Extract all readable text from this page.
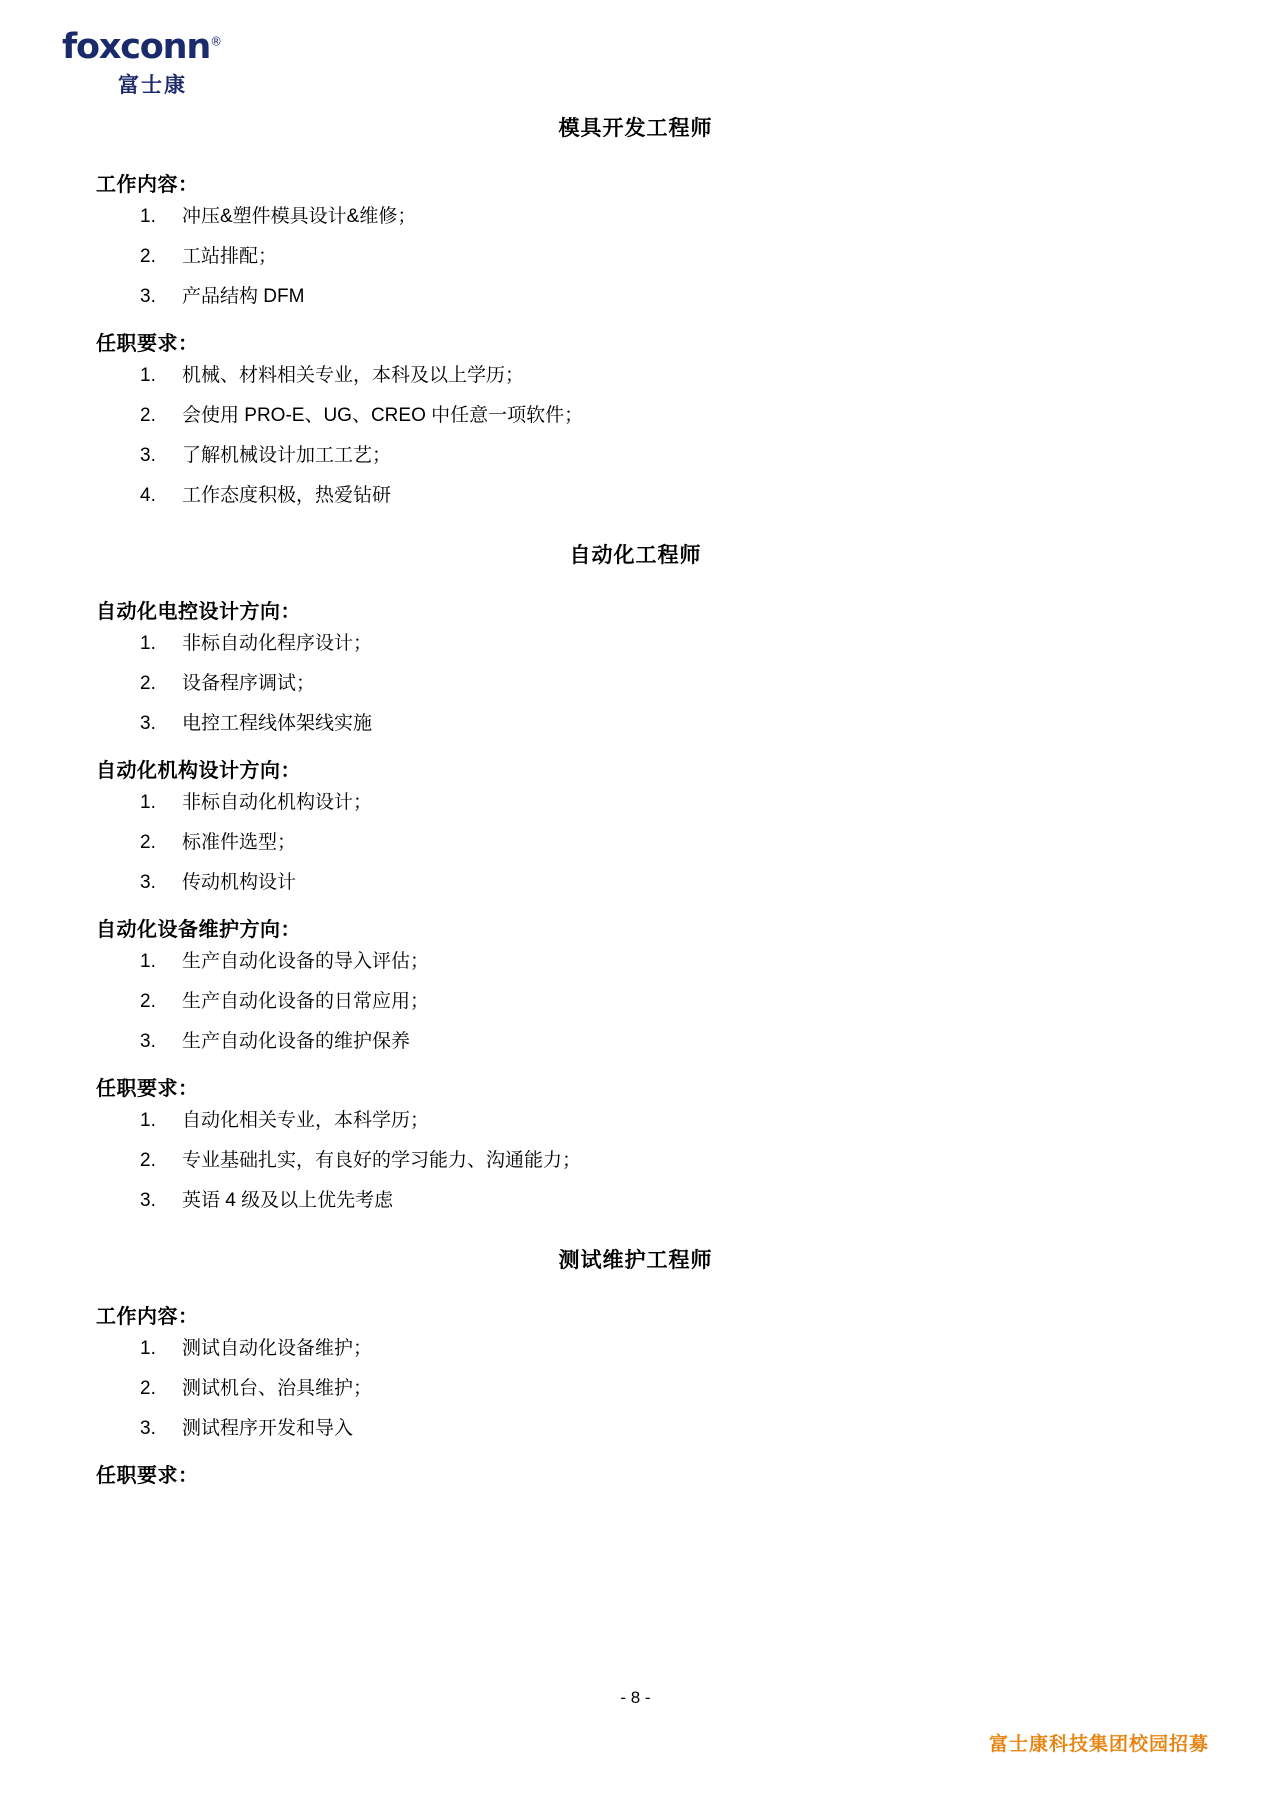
foxconn®
富士康
模具开发工程师
工作内容：
1.	冲压&塑件模具设计&维修；
2.	工站排配；
3.	产品结构 DFM
任职要求：
1.	机械、材料相关专业，本科及以上学历；
2.	会使用 PRO-E、UG、CREO 中任意一项软件；
3.	了解机械设计加工工艺；
4.	工作态度积极，热爱钻研
自动化工程师
自动化电控设计方向：
1.	非标自动化程序设计；
2.	设备程序调试；
3.	电控工程线体架线实施
自动化机构设计方向：
1.	非标自动化机构设计；
2.	标准件选型；
3.	传动机构设计
自动化设备维护方向：
1.	生产自动化设备的导入评估；
2.	生产自动化设备的日常应用；
3.	生产自动化设备的维护保养
任职要求：
1.	自动化相关专业，本科学历；
2.	专业基础扎实，有良好的学习能力、沟通能力；
3.	英语 4 级及以上优先考虑
测试维护工程师
工作内容：
1.	测试自动化设备维护；
2.	测试机台、治具维护；
3.	测试程序开发和导入
任职要求：
- 8 -
富士康科技集团校园招募
